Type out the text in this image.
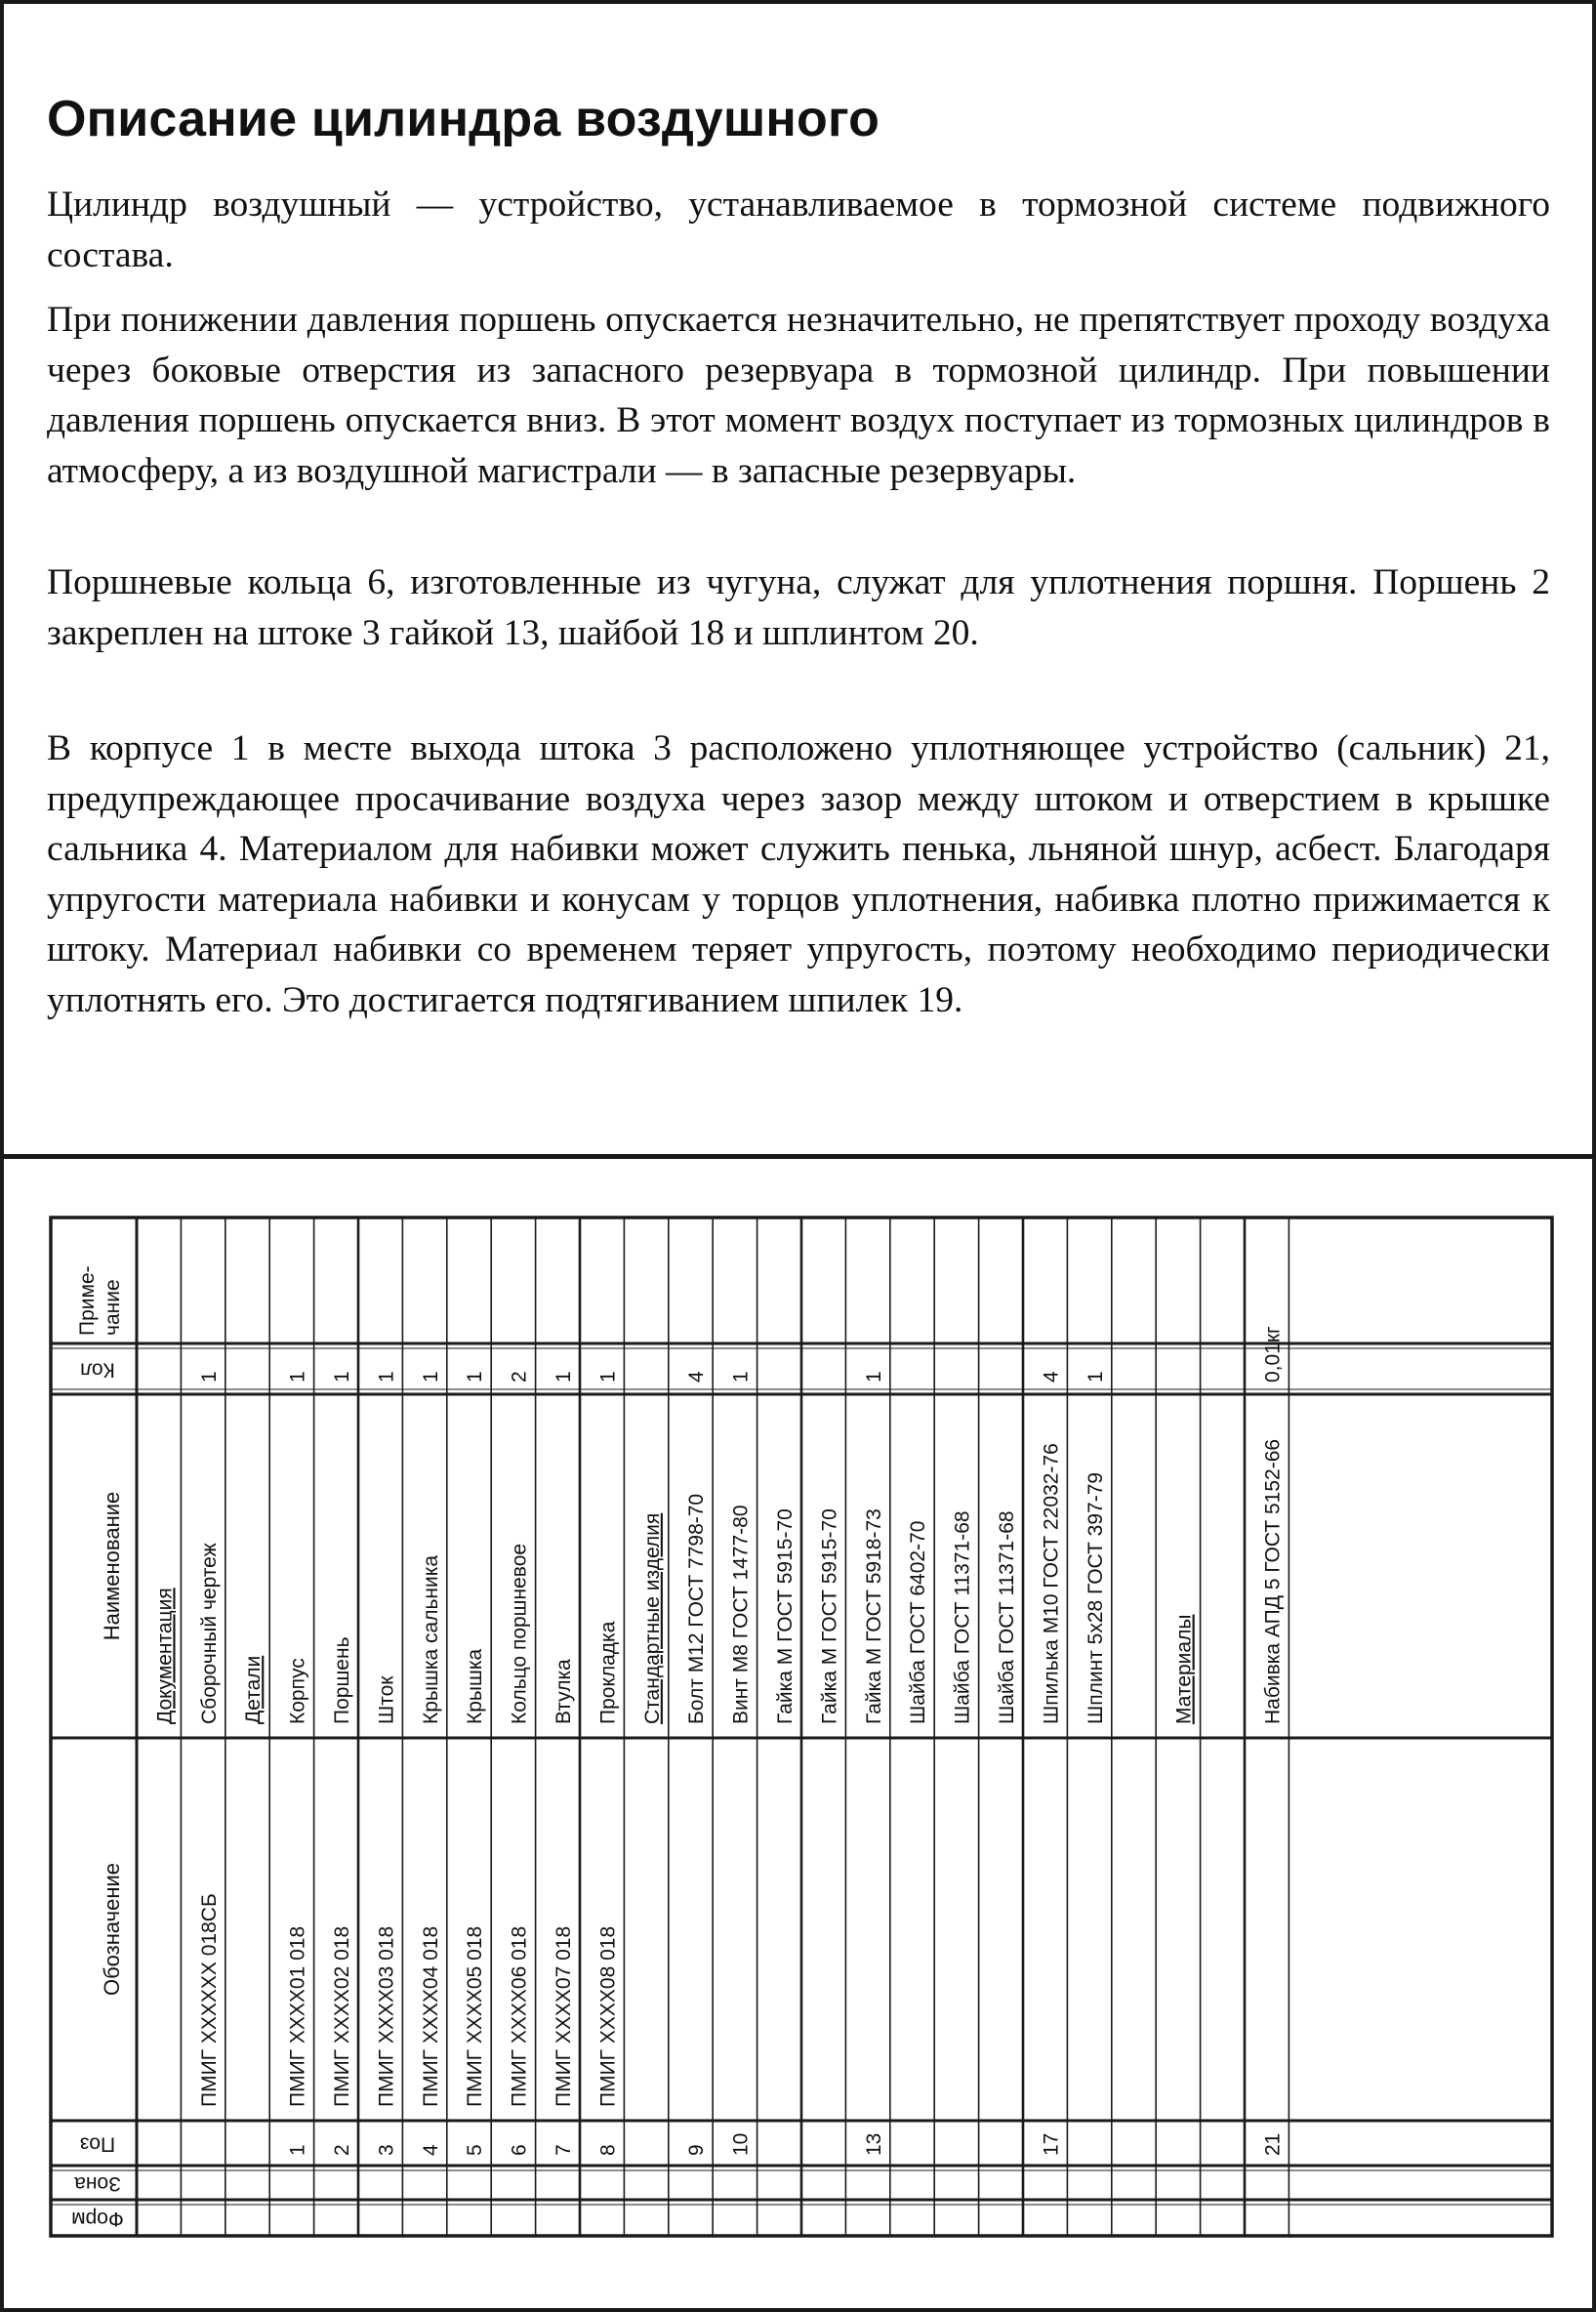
Описание цилиндра воздушного

Цилиндр воздушный — устройство, устанавливаемое в тормозной системе подвижного состава.

При понижении давления поршень опускается незначительно, не препятствует проходу воздуха через боковые отверстия из запасного резервуара в тормозной цилиндр. При повышении давления поршень опускается вниз. В этот момент воздух поступает из тормозных цилиндров в атмосферу, а из воздушной магистрали — в запасные резервуары.

Поршневые кольца 6, изготовленные из чугуна, служат для уплотнения поршня. Поршень 2 закреплен на штоке 3 гайкой 13, шайбой 18 и шплинтом 20.

В корпусе 1 в месте выхода штока 3 расположено уплотняющее устройство (сальник) 21, предупреждающее просачивание воздуха через зазор между штоком и отверстием в крышке сальника 4. Материалом для набивки может служить пенька, льняной шнур, асбест. Благодаря упругости материала набивки и конусам у торцов уплотнения, набивка плотно прижимается к штоку. Материал набивки со временем теряет упругость, поэтому необходимо периодически уплотнять его. Это достигается подтягиванием шпилек 19.

Приме- чание
Наименование
Обозначение
Кол
Поз
Зона
Форм
Документация Сборочный чертеж
ПМИГ ХХХХХХ 018СБ
1
Детали Корпус
ПМИГ ХХХХ01 018
1
1
Поршень
ПМИГ ХХХХ02 018
1
2
Шток
ПМИГ ХХХХ03 018
1
3
Крышка сальника
ПМИГ ХХХХ04 018
1
4
Крышка
ПМИГ ХХХХ05 018
1
5
Кольцо поршневое
ПМИГ ХХХХ06 018
2
6
Втулка
ПМИГ ХХХХ07 018
1
7
Прокладка
ПМИГ ХХХХ08 018
1
8
Стандартные изделия Болт М12 ГОСТ 7798-70
4
9
Винт М8 ГОСТ 1477-80
1
10
Гайка М ГОСТ 5915-70 Гайка М ГОСТ 5915-70 Гайка М ГОСТ 5918-73
1
13
Шайба ГОСТ 6402-70 Шайба ГОСТ 11371-68 Шайба ГОСТ 11371-68 Шпилька М10 ГОСТ 22032-76
4
17
Шплинт 5х28 ГОСТ 397-79
1
Материалы	Набивка АПД 5 ГОСТ 5152-66
0,01кг
21
